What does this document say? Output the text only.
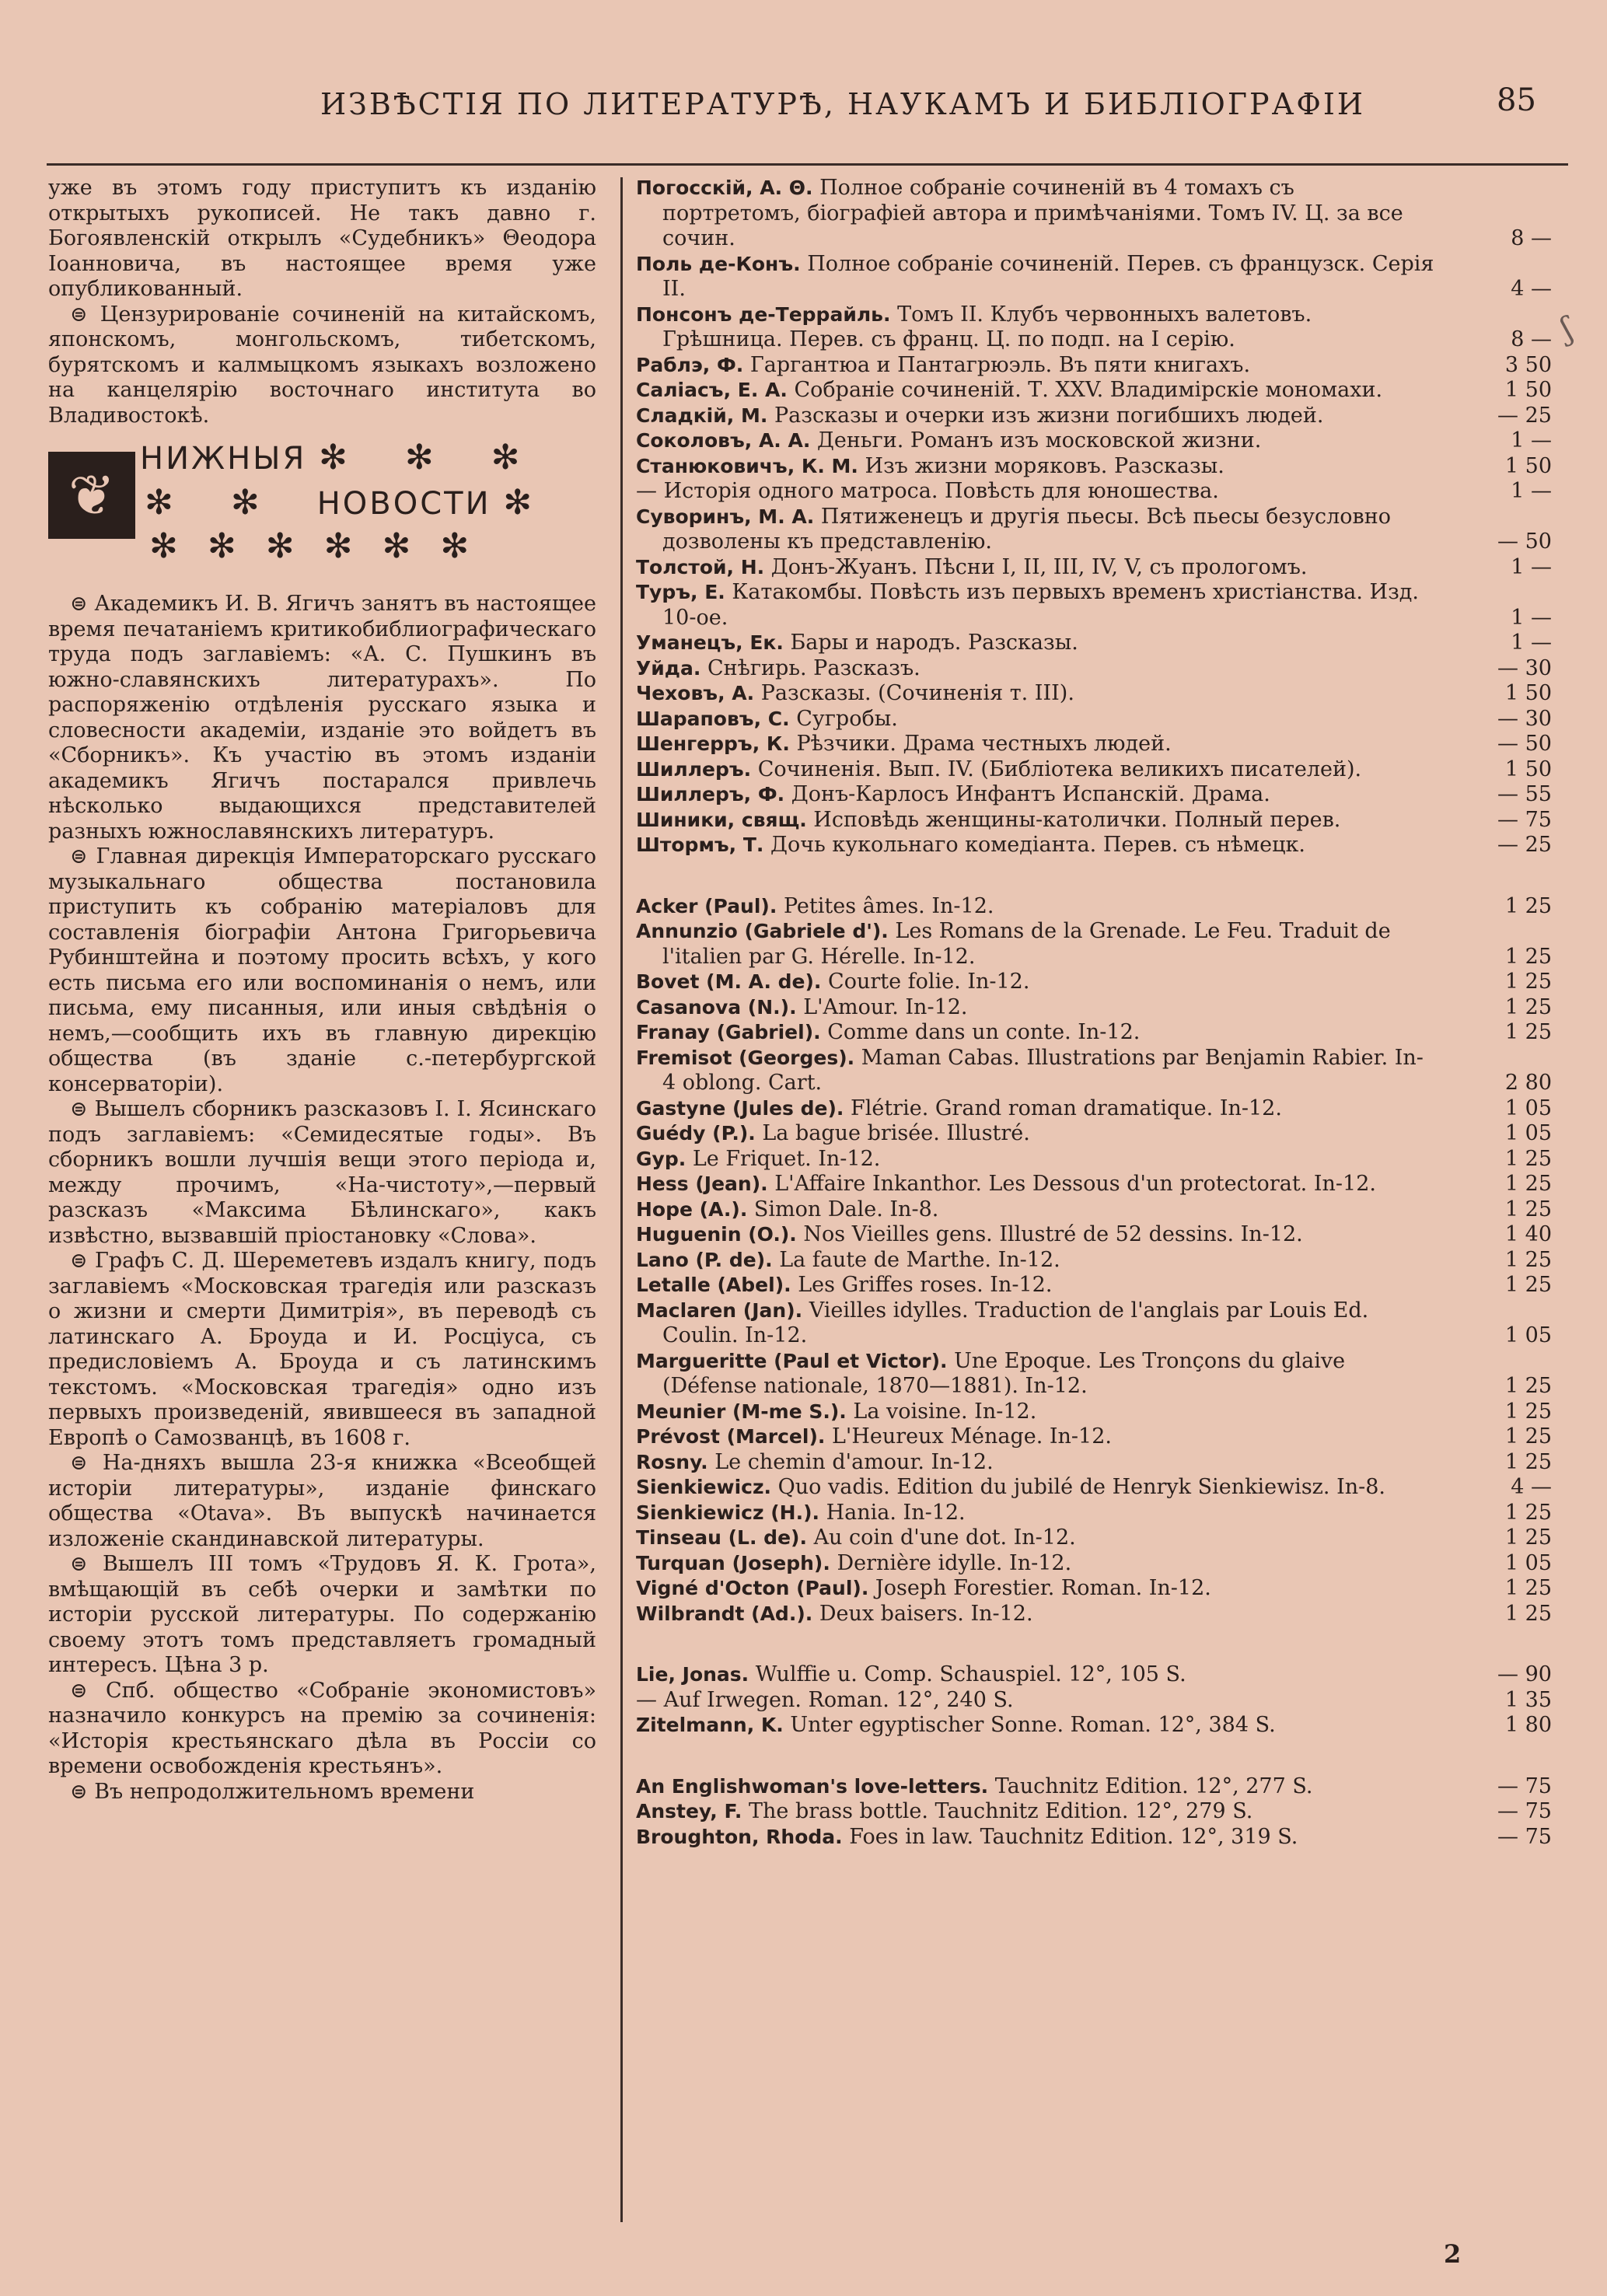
ИЗВѢСТІЯ ПО ЛИТЕРАТУРѢ, НАУКАМЪ И БИБЛІОГРАФІИ	85

уже въ этомъ году приступитъ къ изданію открытыхъ рукописей. Не такъ давно г. Богоявленскій открылъ «Судебникъ» Θеодора Іоанновича, въ настоящее время уже опубликованный.

⊜ Цензурированіе сочиненій на китайскомъ, японскомъ, монгольскомъ, тибетскомъ, бурятскомъ и калмыцкомъ языкахъ возложено на канцелярію восточнаго института во Владивостокѣ.

❦
НИЖНЫЯ ✻ ✻ ✻
✻ ✻ НОВОСТИ ✻
✻✻✻✻✻✻

⊜ Академикъ И. В. Ягичъ занятъ въ настоящее время печатаніемъ критикобиблиографическаго труда подъ заглавіемъ: «А. С. Пушкинъ въ южно-славянскихъ литературахъ». По распоряженію отдѣленія русскаго языка и словесности академіи, изданіе это войдетъ въ «Сборникъ». Къ участію въ этомъ изданіи академикъ Ягичъ постарался привлечь нѣсколько выдающихся представителей разныхъ южнославянскихъ литературъ.

⊜ Главная дирекція Императорскаго русскаго музыкальнаго общества постановила приступить къ собранію матеріаловъ для составленія біографіи Антона Григорьевича Рубинштейна и поэтому просить всѣхъ, у кого есть письма его или воспоминанія о немъ, или письма, ему писанныя, или иныя свѣдѣнія о немъ,—сообщить ихъ въ главную дирекцію общества (въ зданіе с.-петербургской консерваторіи).

⊜ Вышелъ сборникъ разсказовъ І. І. Ясинскаго подъ заглавіемъ: «Семидесятые годы». Въ сборникъ вошли лучшія вещи этого періода и, между прочимъ, «На-чистоту»,—первый разсказъ «Максима Бѣлинскаго», какъ извѣстно, вызвавшій пріостановку «Слова».

⊜ Графъ С. Д. Шереметевъ издалъ книгу, подъ заглавіемъ «Московская трагедія или разсказъ о жизни и смерти Димитрія», въ переводѣ съ латинскаго А. Броуда и И. Росціуса, съ предисловіемъ А. Броуда и съ латинскимъ текстомъ. «Московская трагедія» одно изъ первыхъ произведеній, явившееся въ западной Европѣ о Самозванцѣ, въ 1608 г.

⊜ На-дняхъ вышла 23-я книжка «Всеобщей исторіи литературы», изданіе финскаго общества «Otava». Въ выпускѣ начинается изложеніе скандинавской литературы.

⊜ Вышелъ III томъ «Трудовъ Я. К. Грота», вмѣщающій въ себѣ очерки и замѣтки по исторіи русской литературы. По содержанію своему этотъ томъ представляетъ громадный интересъ. Цѣна 3 р.

⊜ Спб. общество «Собраніе экономистовъ» назначило конкурсъ на премію за сочиненія: «Исторія крестьянскаго дѣла въ Россіи со времени освобожденія крестьянъ».

⊜ Въ непродолжительномъ времени

Погосскій, А. Θ. Полное собраніе сочиненій въ 4 томахъ съ портретомъ, біографіей автора и примѣчаніями. Томъ IV. Ц. за все сочин.	8 —
Поль де-Конъ. Полное собраніе сочиненій. Перев. съ французск. Серія II.	4 —
Понсонъ де-Террайль. Томъ II. Клубъ червонныхъ валетовъ. Грѣшница. Перев. съ франц. Ц. по подп. на I серію.	8 —
Раблэ, Ф. Гаргантюа и Пантагрюэль. Въ пяти книгахъ.	3 50
Саліасъ, Е. А. Собраніе сочиненій. Т. XXV. Владимірскіе мономахи.	1 50
Сладкій, М. Разсказы и очерки изъ жизни погибшихъ людей.	— 25
Соколовъ, А. А. Деньги. Романъ изъ московской жизни.	1 —
Станюковичъ, К. М. Изъ жизни моряковъ. Разсказы.	1 50
— Исторія одного матроса. Повѣсть для юношества.	1 —
Суворинъ, М. А. Пятиженецъ и другія пьесы. Всѣ пьесы безусловно дозволены къ представленію.	— 50
Толстой, Н. Донъ-Жуанъ. Пѣсни I, II, III, IV, V, съ прологомъ.	1 —
Туръ, Е. Катакомбы. Повѣсть изъ первыхъ временъ христіанства. Изд. 10-ое.	1 —
Уманецъ, Ек. Бары и народъ. Разсказы.	1 —
Уйда. Снѣгирь. Разсказъ.	— 30
Чеховъ, А. Разсказы. (Сочиненія т. III).	1 50
Шараповъ, С. Сугробы.	— 30
Шенгерръ, К. Рѣзчики. Драма честныхъ людей.	— 50
Шиллеръ. Сочиненія. Вып. IV. (Библіотека великихъ писателей).	1 50
Шиллеръ, Ф. Донъ-Карлосъ Инфантъ Испанскій. Драма.	— 55
Шиники, свящ. Исповѣдь женщины-католички. Полный перев.	— 75
Штормъ, Т. Дочь кукольнаго комедіанта. Перев. съ нѣмецк.	— 25
Acker (Paul). Petites âmes. In-12.	1 25
Annunzio (Gabriele d'). Les Romans de la Grenade. Le Feu. Traduit de l'italien par G. Hérelle. In-12.	1 25
Bovet (M. A. de). Courte folie. In-12.	1 25
Casanova (N.). L'Amour. In-12.	1 25
Franay (Gabriel). Comme dans un conte. In-12.	1 25
Fremisot (Georges). Maman Cabas. Illustrations par Benjamin Rabier. In-4 oblong. Cart.	2 80
Gastyne (Jules de). Flétrie. Grand roman dramatique. In-12.	1 05
Guédy (P.). La bague brisée. Illustré.	1 05
Gyp. Le Friquet. In-12.	1 25
Hess (Jean). L'Affaire Inkanthor. Les Dessous d'un protectorat. In-12.	1 25
Hope (A.). Simon Dale. In-8.	1 25
Huguenin (O.). Nos Vieilles gens. Illustré de 52 dessins. In-12.	1 40
Lano (P. de). La faute de Marthe. In-12.	1 25
Letalle (Abel). Les Griffes roses. In-12.	1 25
Maclaren (Jan). Vieilles idylles. Traduction de l'anglais par Louis Ed. Coulin. In-12.	1 05
Margueritte (Paul et Victor). Une Epoque. Les Tronçons du glaive (Défense nationale, 1870—1881). In-12.	1 25
Meunier (M-me S.). La voisine. In-12.	1 25
Prévost (Marcel). L'Heureux Ménage. In-12.	1 25
Rosny. Le chemin d'amour. In-12.	1 25
Sienkiewicz. Quo vadis. Edition du jubilé de Henryk Sienkiewisz. In-8.	4 —
Sienkiewicz (H.). Hania. In-12.	1 25
Tinseau (L. de). Au coin d'une dot. In-12.	1 25
Turquan (Joseph). Dernière idylle. In-12.	1 05
Vigné d'Octon (Paul). Joseph Forestier. Roman. In-12.	1 25
Wilbrandt (Ad.). Deux baisers. In-12.	1 25
Lie, Jonas. Wulffie u. Comp. Schauspiel. 12°, 105 S.	— 90
— Auf Irwegen. Roman. 12°, 240 S.	1 35
Zitelmann, K. Unter egyptischer Sonne. Roman. 12°, 384 S.	1 80
An Englishwoman's love-letters. Tauchnitz Edition. 12°, 277 S.	— 75
Anstey, F. The brass bottle. Tauchnitz Edition. 12°, 279 S.	— 75
Broughton, Rhoda. Foes in law. Tauchnitz Edition. 12°, 319 S.	— 75
ʃ
2
